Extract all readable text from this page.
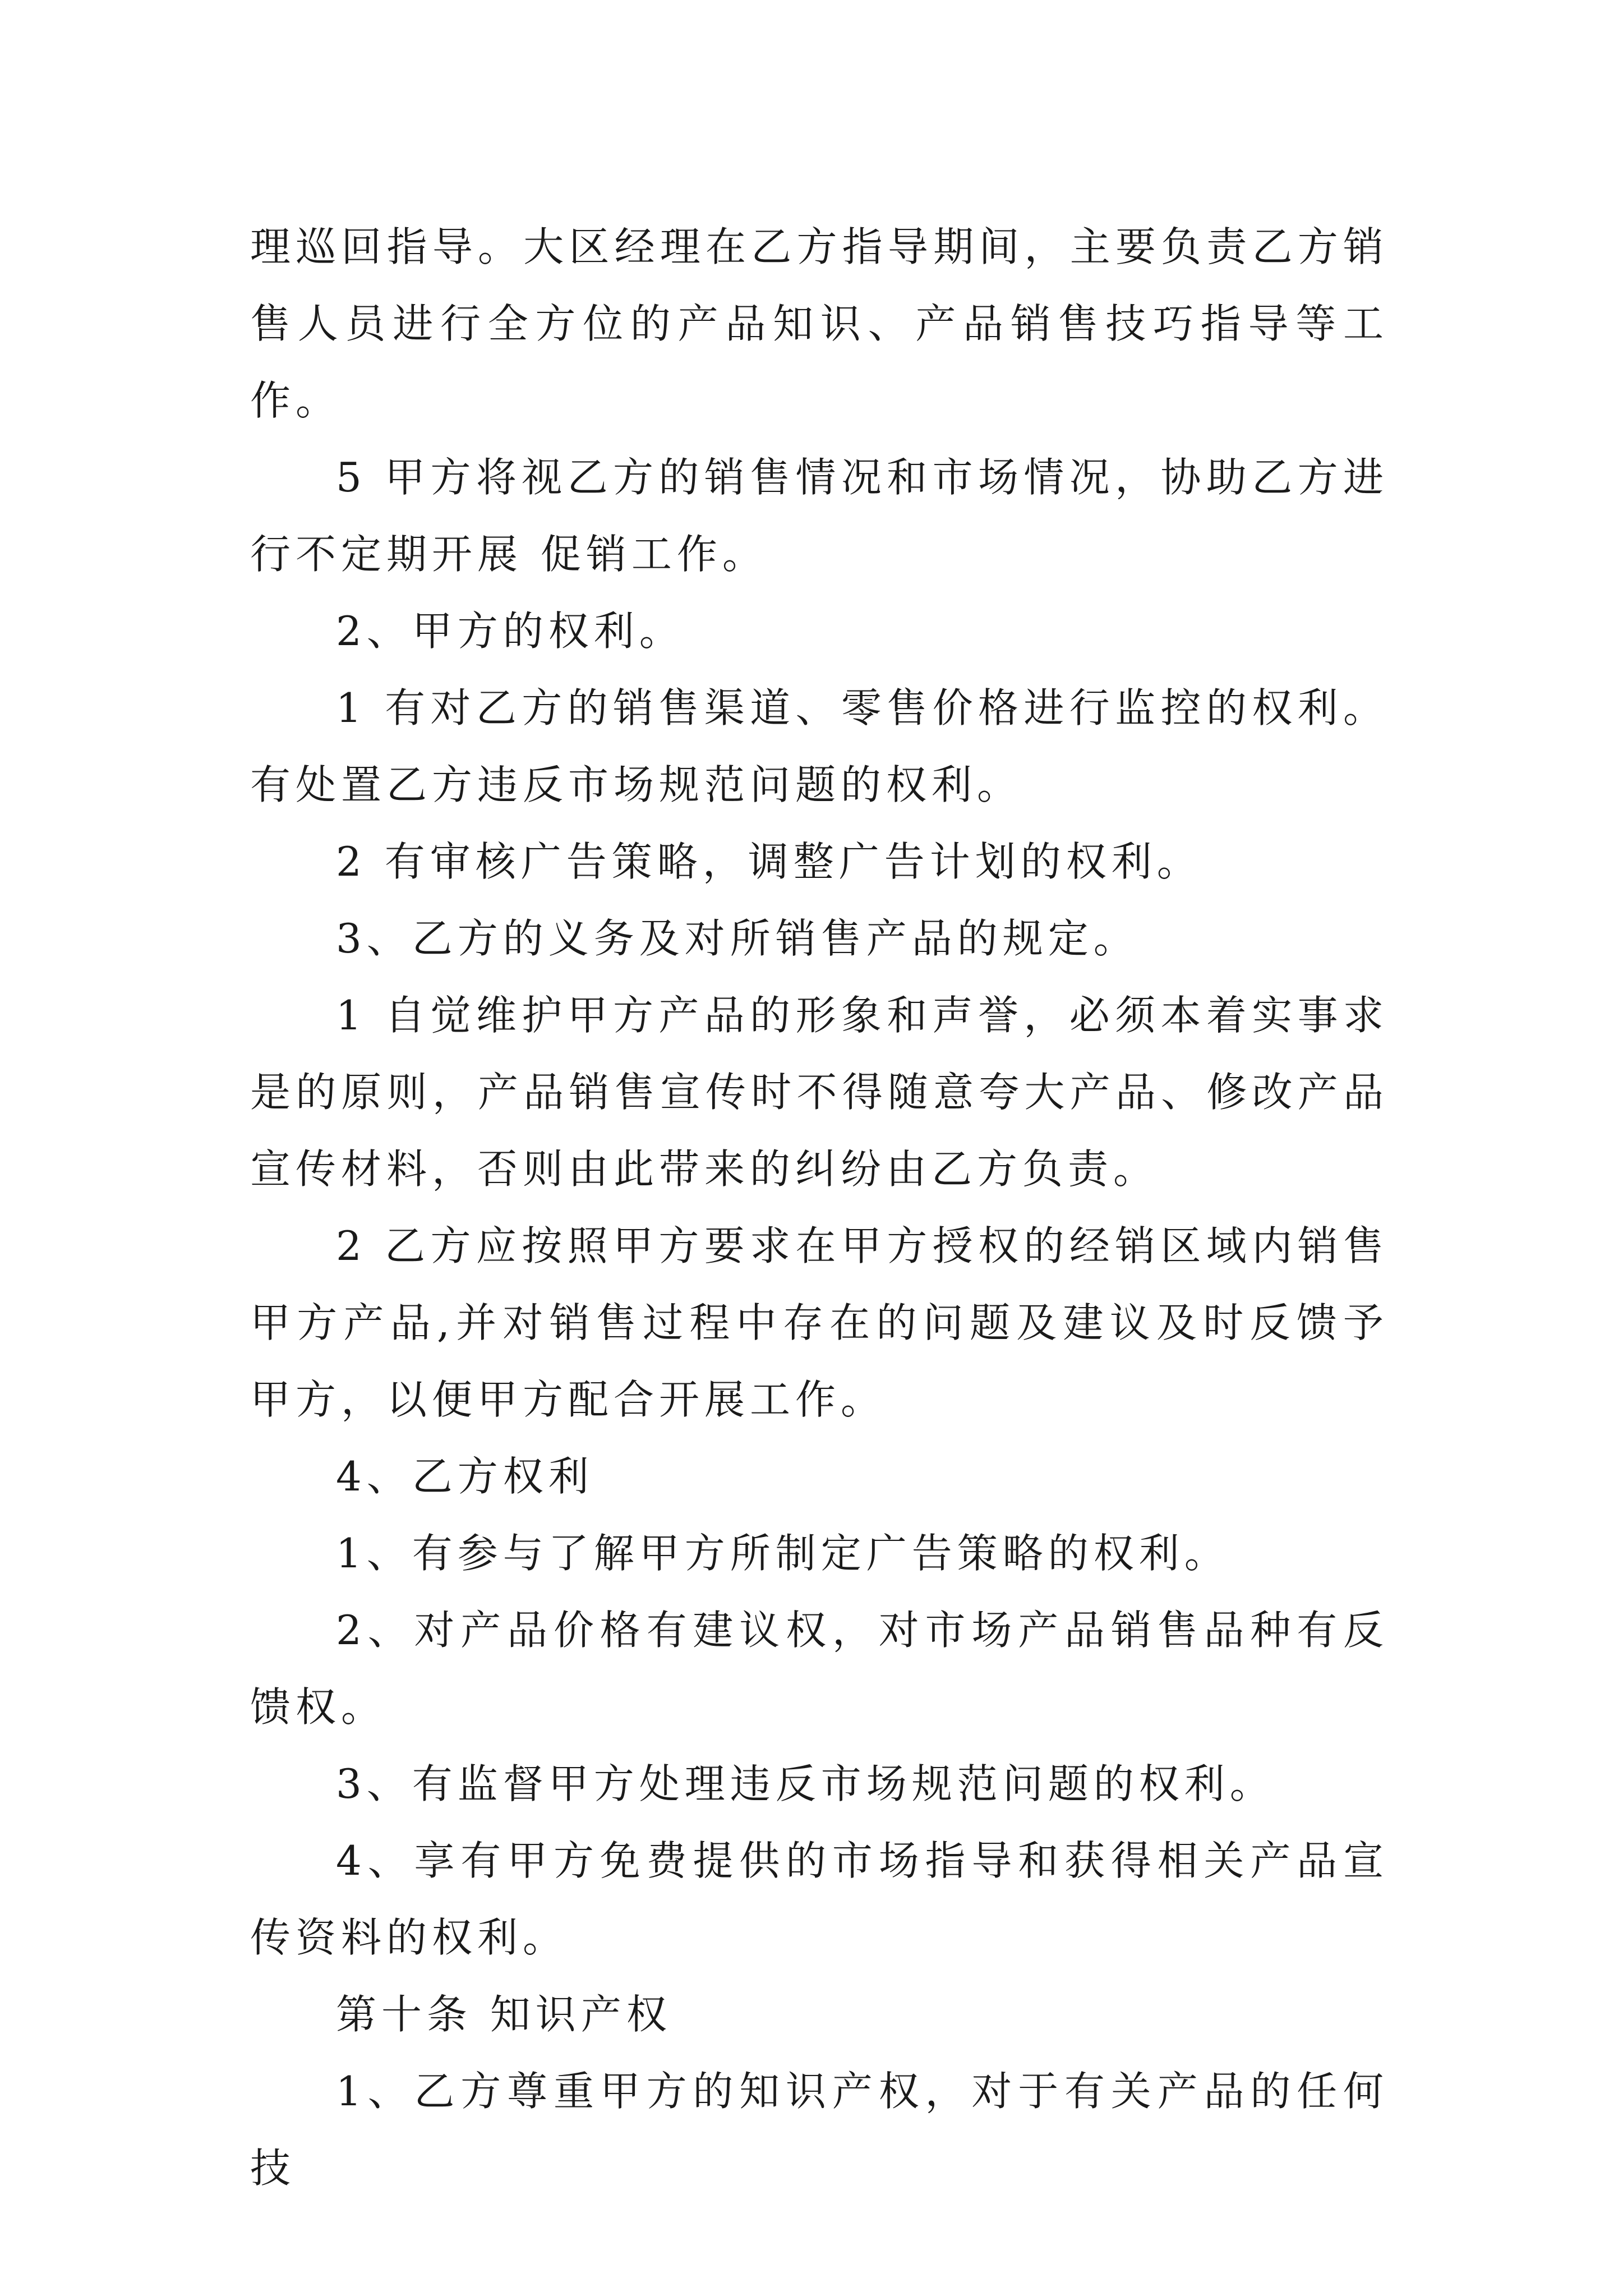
理巡回指导。大区经理在乙方指导期间，主要负责乙方销售人员进行全方位的产品知识、产品销售技巧指导等工作。

5 甲方将视乙方的销售情况和市场情况，协助乙方进行不定期开展 促销工作。

2、甲方的权利。

1 有对乙方的销售渠道、零售价格进行监控的权利。有处置乙方违反市场规范问题的权利。

2 有审核广告策略，调整广告计划的权利。

3、乙方的义务及对所销售产品的规定。

1 自觉维护甲方产品的形象和声誉，必须本着实事求是的原则，产品销售宣传时不得随意夸大产品、修改产品宣传材料，否则由此带来的纠纷由乙方负责。

2 乙方应按照甲方要求在甲方授权的经销区域内销售甲方产品,并对销售过程中存在的问题及建议及时反馈予甲方，以便甲方配合开展工作。

4、乙方权利

1、有参与了解甲方所制定广告策略的权利。

2、对产品价格有建议权，对市场产品销售品种有反馈权。

3、有监督甲方处理违反市场规范问题的权利。

4、享有甲方免费提供的市场指导和获得相关产品宣传资料的权利。

第十条 知识产权

1、乙方尊重甲方的知识产权，对于有关产品的任何技
